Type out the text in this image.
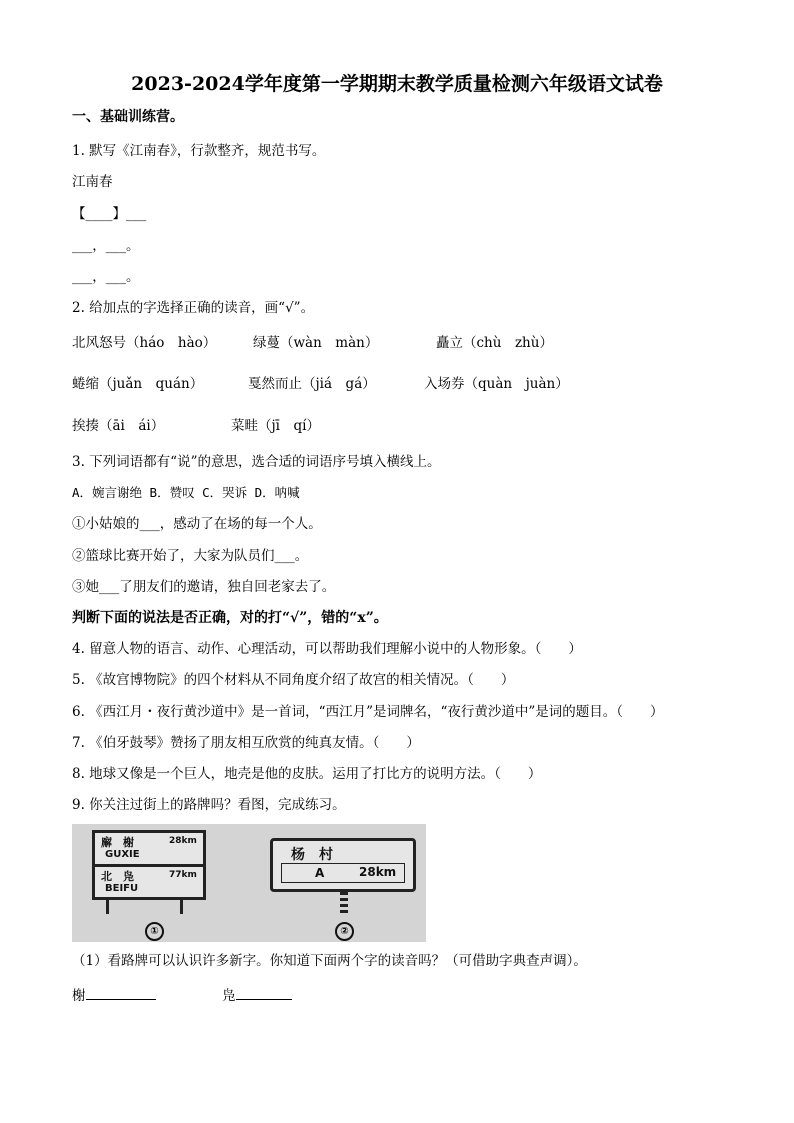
2023-2024学年度第一学期期末教学质量检测六年级语文试卷
一、基础训练营。
1. 默写《江南春》，行款整齐，规范书写。
江南春
【____】___
___，___。
___，___。
2. 给加点的字选择正确的读音，画“√”。
北风怒号（háo　hào）	绿蔓（wàn　màn）	矗立（chù　zhù）
蜷缩（juǎn　quán）	戛然而止（jiá　gá）	入场券（quàn　juàn）
挨揍（āi　ái）	菜畦（jī　qí）
3. 下列词语都有“说”的意思，选合适的词语序号填入横线上。
A．婉言谢绝 B．赞叹 C．哭诉 D．呐喊
①小姑娘的___，感动了在场的每一个人。
②篮球比赛开始了，大家为队员们___。
③她___了朋友们的邀请，独自回老家去了。
判断下面的说法是否正确，对的打“√”，错的“x”。
4. 留意人物的语言、动作、心理活动，可以帮助我们理解小说中的人物形象。（　　）
5. 《故宫博物院》的四个材料从不同角度介绍了故宫的相关情况。（　　）
6. 《西江月・夜行黄沙道中》是一首词，“西江月”是词牌名，“夜行黄沙道中”是词的题目。（　　）
7. 《伯牙鼓琴》赞扬了朋友相互欣赏的纯真友情。（　　）
8. 地球又像是一个巨人，地壳是他的皮肤。运用了打比方的说明方法。（　　）
9. 你关注过街上的路牌吗？看图，完成练习。
廨　榭	28km
GUXIE
北　凫	77km
BEIFU
①
杨　村
A	28km
②
（1）看路牌可以认识许多新字。你知道下面两个字的读音吗？（可借助字典查声调）。
榭	凫
